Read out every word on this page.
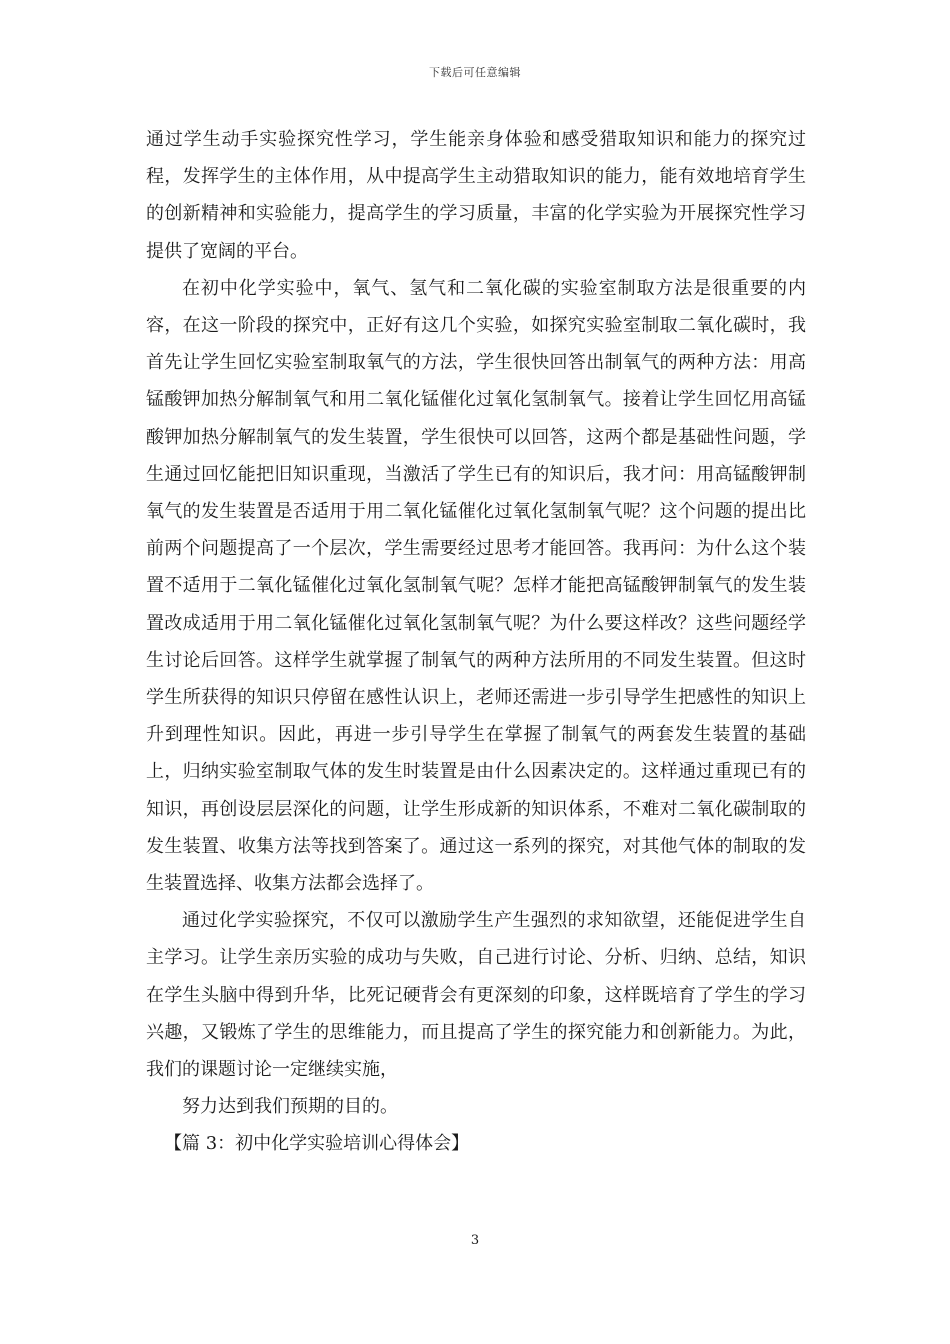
下载后可任意编辑

通过学生动手实验探究性学习，学生能亲身体验和感受猎取知识和能力的探究过程，发挥学生的主体作用，从中提高学生主动猎取知识的能力，能有效地培育学生的创新精神和实验能力，提高学生的学习质量，丰富的化学实验为开展探究性学习提供了宽阔的平台。

在初中化学实验中，氧气、氢气和二氧化碳的实验室制取方法是很重要的内容，在这一阶段的探究中，正好有这几个实验，如探究实验室制取二氧化碳时，我首先让学生回忆实验室制取氧气的方法，学生很快回答出制氧气的两种方法：用高锰酸钾加热分解制氧气和用二氧化锰催化过氧化氢制氧气。接着让学生回忆用高锰酸钾加热分解制氧气的发生装置，学生很快可以回答，这两个都是基础性问题，学生通过回忆能把旧知识重现，当激活了学生已有的知识后，我才问：用高锰酸钾制氧气的发生装置是否适用于用二氧化锰催化过氧化氢制氧气呢？这个问题的提出比前两个问题提高了一个层次，学生需要经过思考才能回答。我再问：为什么这个装置不适用于二氧化锰催化过氧化氢制氧气呢？怎样才能把高锰酸钾制氧气的发生装置改成适用于用二氧化锰催化过氧化氢制氧气呢？为什么要这样改？这些问题经学生讨论后回答。这样学生就掌握了制氧气的两种方法所用的不同发生装置。但这时学生所获得的知识只停留在感性认识上，老师还需进一步引导学生把感性的知识上升到理性知识。因此，再进一步引导学生在掌握了制氧气的两套发生装置的基础上，归纳实验室制取气体的发生时装置是由什么因素决定的。这样通过重现已有的知识，再创设层层深化的问题，让学生形成新的知识体系，不难对二氧化碳制取的发生装置、收集方法等找到答案了。通过这一系列的探究，对其他气体的制取的发生装置选择、收集方法都会选择了。

通过化学实验探究，不仅可以激励学生产生强烈的求知欲望，还能促进学生自主学习。让学生亲历实验的成功与失败，自己进行讨论、分析、归纳、总结，知识在学生头脑中得到升华，比死记硬背会有更深刻的印象，这样既培育了学生的学习兴趣，又锻炼了学生的思维能力，而且提高了学生的探究能力和创新能力。为此，我们的课题讨论一定继续实施，

努力达到我们预期的目的。

【篇 3：初中化学实验培训心得体会】

3
